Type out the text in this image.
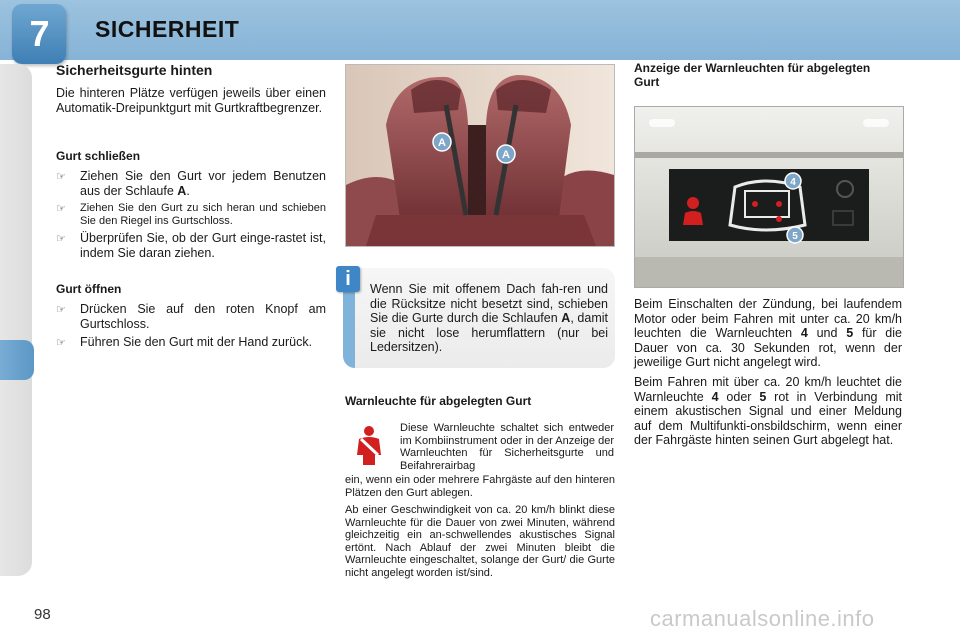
7 SICHERHEIT
Sicherheitsgurte hinten

Die hinteren Plätze verfügen jeweils über einen Automatik-Dreipunktgurt mit Gurtkraftbegrenzer.

Gurt schließen
☞	Ziehen Sie den Gurt vor jedem Benutzen aus der Schlaufe A.
☞	Ziehen Sie den Gurt zu sich heran und schieben Sie den Riegel ins Gurtschloss.
☞	Überprüfen Sie, ob der Gurt einge-rastet ist, indem Sie daran ziehen.
Gurt öffnen
☞	Drücken Sie auf den roten Knopf am Gurtschloss.
☞	Führen Sie den Gurt mit der Hand zurück.
A
A
i	Wenn Sie mit offenem Dach fah-ren und die Rücksitze nicht besetzt sind, schieben Sie die Gurte durch die Schlaufen A, damit sie nicht lose herumflattern (nur bei Ledersitzen).
Warnleuchte für abgelegten Gurt
Diese Warnleuchte schaltet sich entweder im Kombiinstrument oder in der Anzeige der Warnleuchten für Sicherheitsgurte und Beifahrerairbag

ein, wenn ein oder mehrere Fahrgäste auf den hinteren Plätzen den Gurt ablegen.

Ab einer Geschwindigkeit von ca. 20 km/h blinkt diese Warnleuchte für die Dauer von zwei Minuten, während gleichzeitig ein an-schwellendes akustisches Signal ertönt. Nach Ablauf der zwei Minuten bleibt die Warnleuchte eingeschaltet, solange der Gurt/ die Gurte nicht angelegt worden ist/sind.

Anzeige der Warnleuchten für abgelegten Gurt
4
5

Beim Einschalten der Zündung, bei laufendem Motor oder beim Fahren mit unter ca. 20 km/h leuchten die Warnleuchten 4 und 5 für die Dauer von ca. 30 Sekunden rot, wenn der jeweilige Gurt nicht angelegt wird.

Beim Fahren mit über ca. 20 km/h leuchtet die Warnleuchte 4 oder 5 rot in Verbindung mit einem akustischen Signal und einer Meldung auf dem Multifunkti-onsbildschirm, wenn einer der Fahrgäste hinten seinen Gurt abgelegt hat.

98	carmanualsonline.info
